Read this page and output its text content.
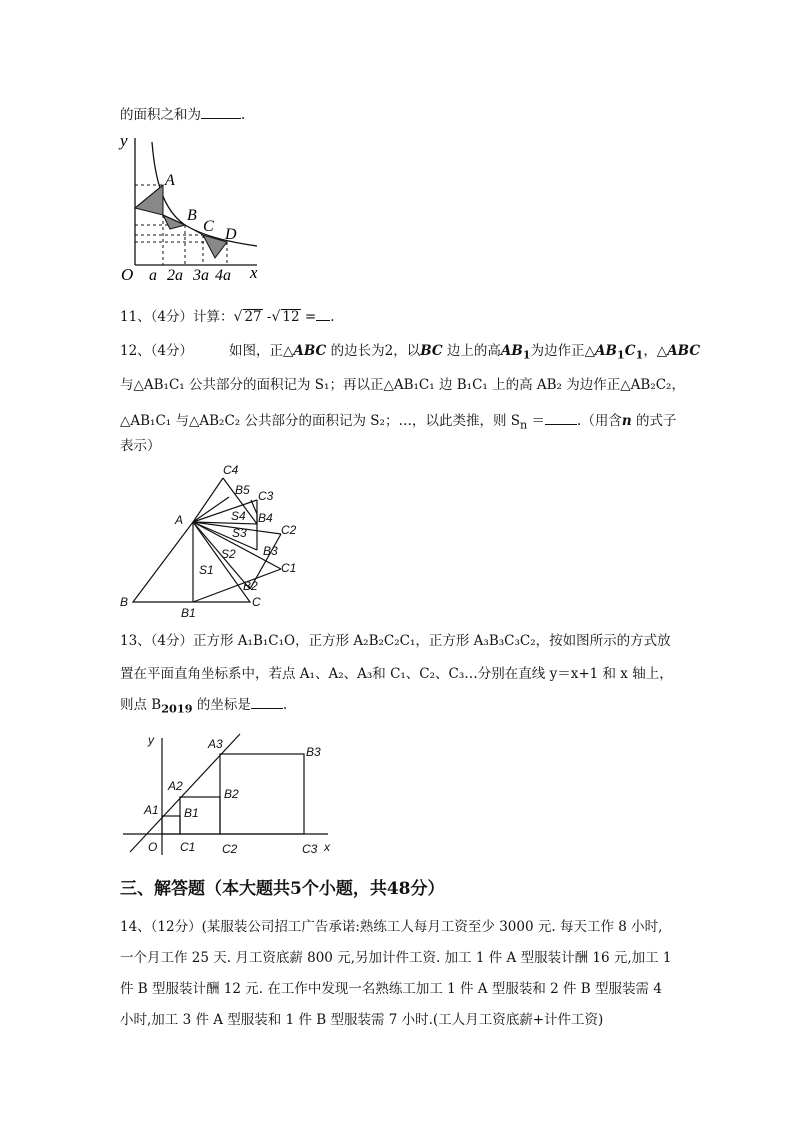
的面积之和为	.
y
x
O
A
B
C D
a 2a 3a 4a
11、（4分）计算：√ 27 -√ 12 = .
12、（4分）	如图，正△ABC 的边长为2，以BC 边上的高$AB_1$为边作正$\triangle AB_1C_1$，△ABC
与△AB₁C₁ 公共部分的面积记为 S₁；再以正△AB₁C₁ 边 B₁C₁ 上的高 AB₂ 为边作正△AB₂C₂，
△AB₁C₁ 与△AB₂C₂ 公共部分的面积记为 S₂；…，以此类推，则 $S_n$ ＝ .（用含n 的式子
表示）
C4
B5 C3
A	S4 B4
C2
S3
S2 B3
C1
S1
B2
B
B1
C
13、（4分）正方形 A₁B₁C₁O，正方形 A₂B₂C₂C₁，正方形 A₃B₃C₃C₂，按如图所示的方式放
置在平面直角坐标系中，若点 A₁、A₂、A₃和 C₁、C₂、C₃…分别在直线 y＝x+1 和 x 轴上，
则点 $B_{2019}$ 的坐标是 .
y
x
O
A3
B3
A2
B2
A1 B1
C1 C2	C3
三、解答题（本大题共5个小题，共48分）
14、（12分）(某服装公司招工广告承诺:熟练工人每月工资至少 3000 元. 每天工作 8 小时,
一个月工作 25 天. 月工资底薪 800 元,另加计件工资. 加工 1 件 A 型服装计酬 16 元,加工 1
件 B 型服装计酬 12 元. 在工作中发现一名熟练工加工 1 件 A 型服装和 2 件 B 型服装需 4
小时,加工 3 件 A 型服装和 1 件 B 型服装需 7 小时.(工人月工资底薪+计件工资)
